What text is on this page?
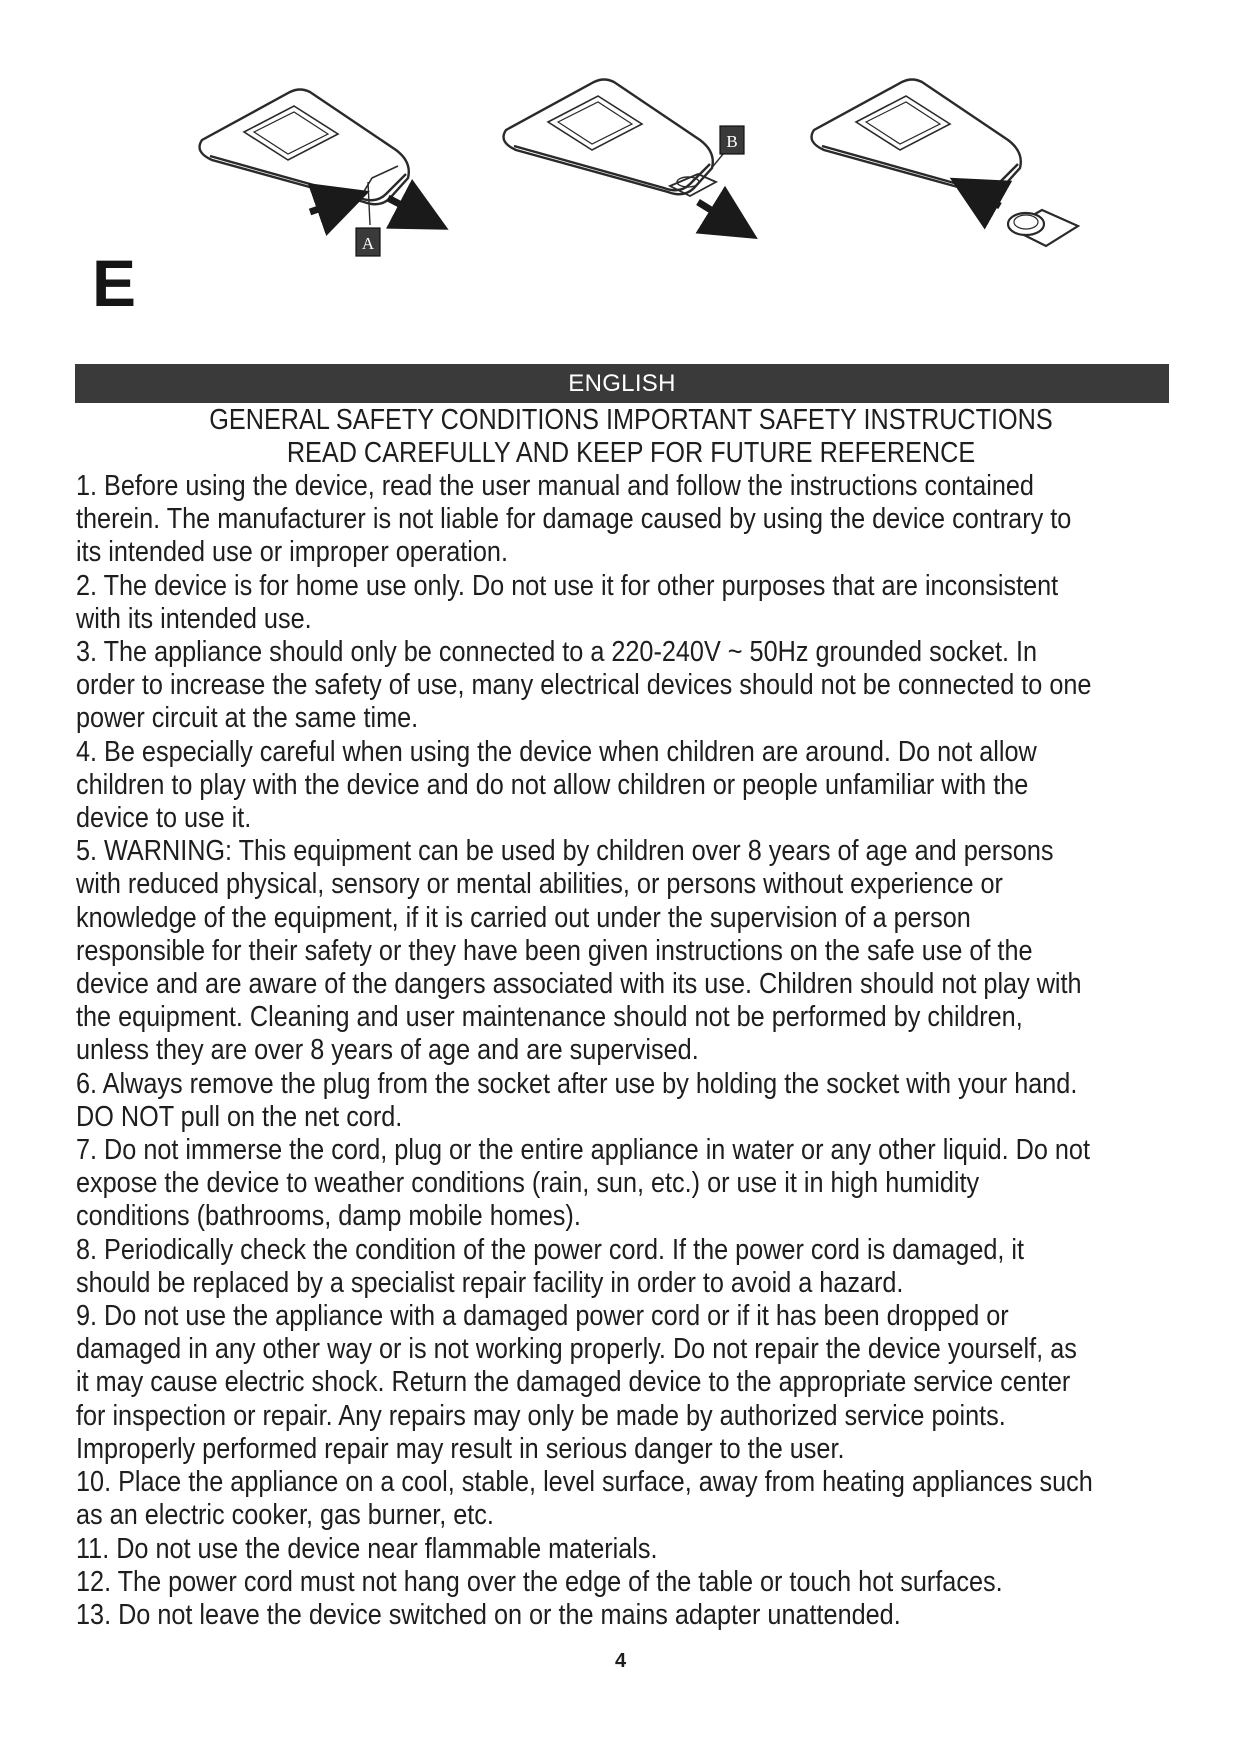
A
B

E

ENGLISH
GENERAL SAFETY CONDITIONS IMPORTANT SAFETY INSTRUCTIONS
READ CAREFULLY AND KEEP FOR FUTURE REFERENCE
1. Before using the device, read the user manual and follow the instructions contained
therein. The manufacturer is not liable for damage caused by using the device contrary to
its intended use or improper operation.
2. The device is for home use only. Do not use it for other purposes that are inconsistent
with its intended use.
3. The appliance should only be connected to a 220-240V ~ 50Hz grounded socket. In
order to increase the safety of use, many electrical devices should not be connected to one
power circuit at the same time.
4. Be especially careful when using the device when children are around. Do not allow
children to play with the device and do not allow children or people unfamiliar with the
device to use it.
5. WARNING: This equipment can be used by children over 8 years of age and persons
with reduced physical, sensory or mental abilities, or persons without experience or
knowledge of the equipment, if it is carried out under the supervision of a person
responsible for their safety or they have been given instructions on the safe use of the
device and are aware of the dangers associated with its use. Children should not play with
the equipment. Cleaning and user maintenance should not be performed by children,
unless they are over 8 years of age and are supervised.
6. Always remove the plug from the socket after use by holding the socket with your hand.
DO NOT pull on the net cord.
7. Do not immerse the cord, plug or the entire appliance in water or any other liquid. Do not
expose the device to weather conditions (rain, sun, etc.) or use it in high humidity
conditions (bathrooms, damp mobile homes).
8. Periodically check the condition of the power cord. If the power cord is damaged, it
should be replaced by a specialist repair facility in order to avoid a hazard.
9. Do not use the appliance with a damaged power cord or if it has been dropped or
damaged in any other way or is not working properly. Do not repair the device yourself, as
it may cause electric shock. Return the damaged device to the appropriate service center
for inspection or repair. Any repairs may only be made by authorized service points.
Improperly performed repair may result in serious danger to the user.
10. Place the appliance on a cool, stable, level surface, away from heating appliances such
as an electric cooker, gas burner, etc.
11. Do not use the device near flammable materials.
12. The power cord must not hang over the edge of the table or touch hot surfaces.
13. Do not leave the device switched on or the mains adapter unattended.

4
